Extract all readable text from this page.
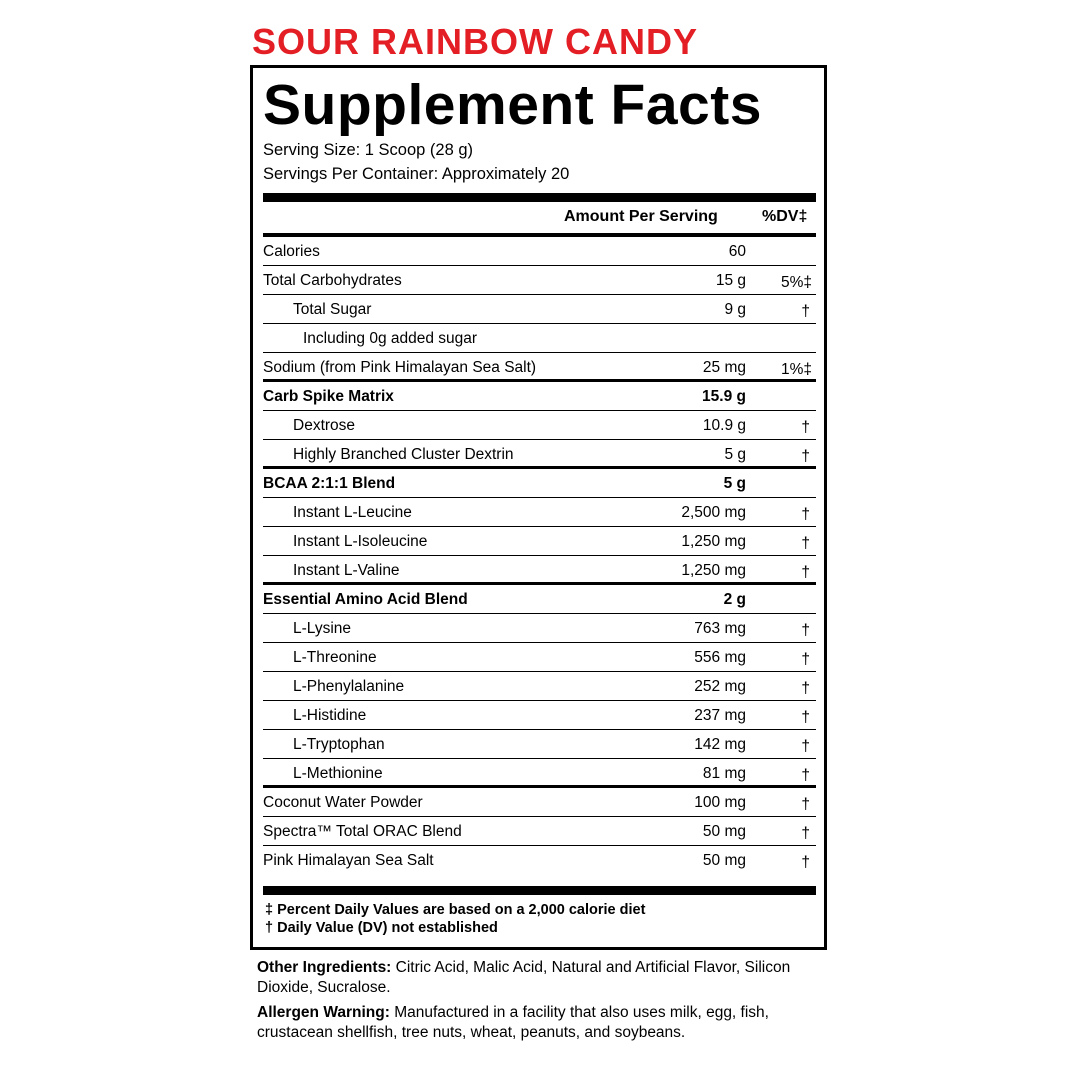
SOUR RAINBOW CANDY
Supplement Facts
Serving Size: 1 Scoop (28 g)
Servings Per Container: Approximately 20
Amount Per Serving	%DV‡
Calories	60
Total Carbohydrates	15 g 5%‡
Total Sugar	9 g	†
Including 0g added sugar
Sodium (from Pink Himalayan Sea Salt)	25 mg 1%‡
Carb Spike Matrix	15.9 g
Dextrose	10.9 g	†
Highly Branched Cluster Dextrin	5 g	†
BCAA 2:1:1 Blend	5 g
Instant L-Leucine	2,500 mg	†
Instant L-Isoleucine	1,250 mg	†
Instant L-Valine	1,250 mg	†
Essential Amino Acid Blend	2 g
L-Lysine	763 mg	†
L-Threonine	556 mg	†
L-Phenylalanine	252 mg	†
L-Histidine	237 mg	†
L-Tryptophan	142 mg	†
L-Methionine	81 mg	†
Coconut Water Powder	100 mg	†
Spectra™ Total ORAC Blend	50 mg	†
Pink Himalayan Sea Salt	50 mg	†
‡ Percent Daily Values are based on a 2,000 calorie diet
† Daily Value (DV) not established
Other Ingredients: Citric Acid, Malic Acid, Natural and Artificial Flavor, Silicon Dioxide, Sucralose.
Allergen Warning: Manufactured in a facility that also uses milk, egg, fish, crustacean shellfish, tree nuts, wheat, peanuts, and soybeans.
